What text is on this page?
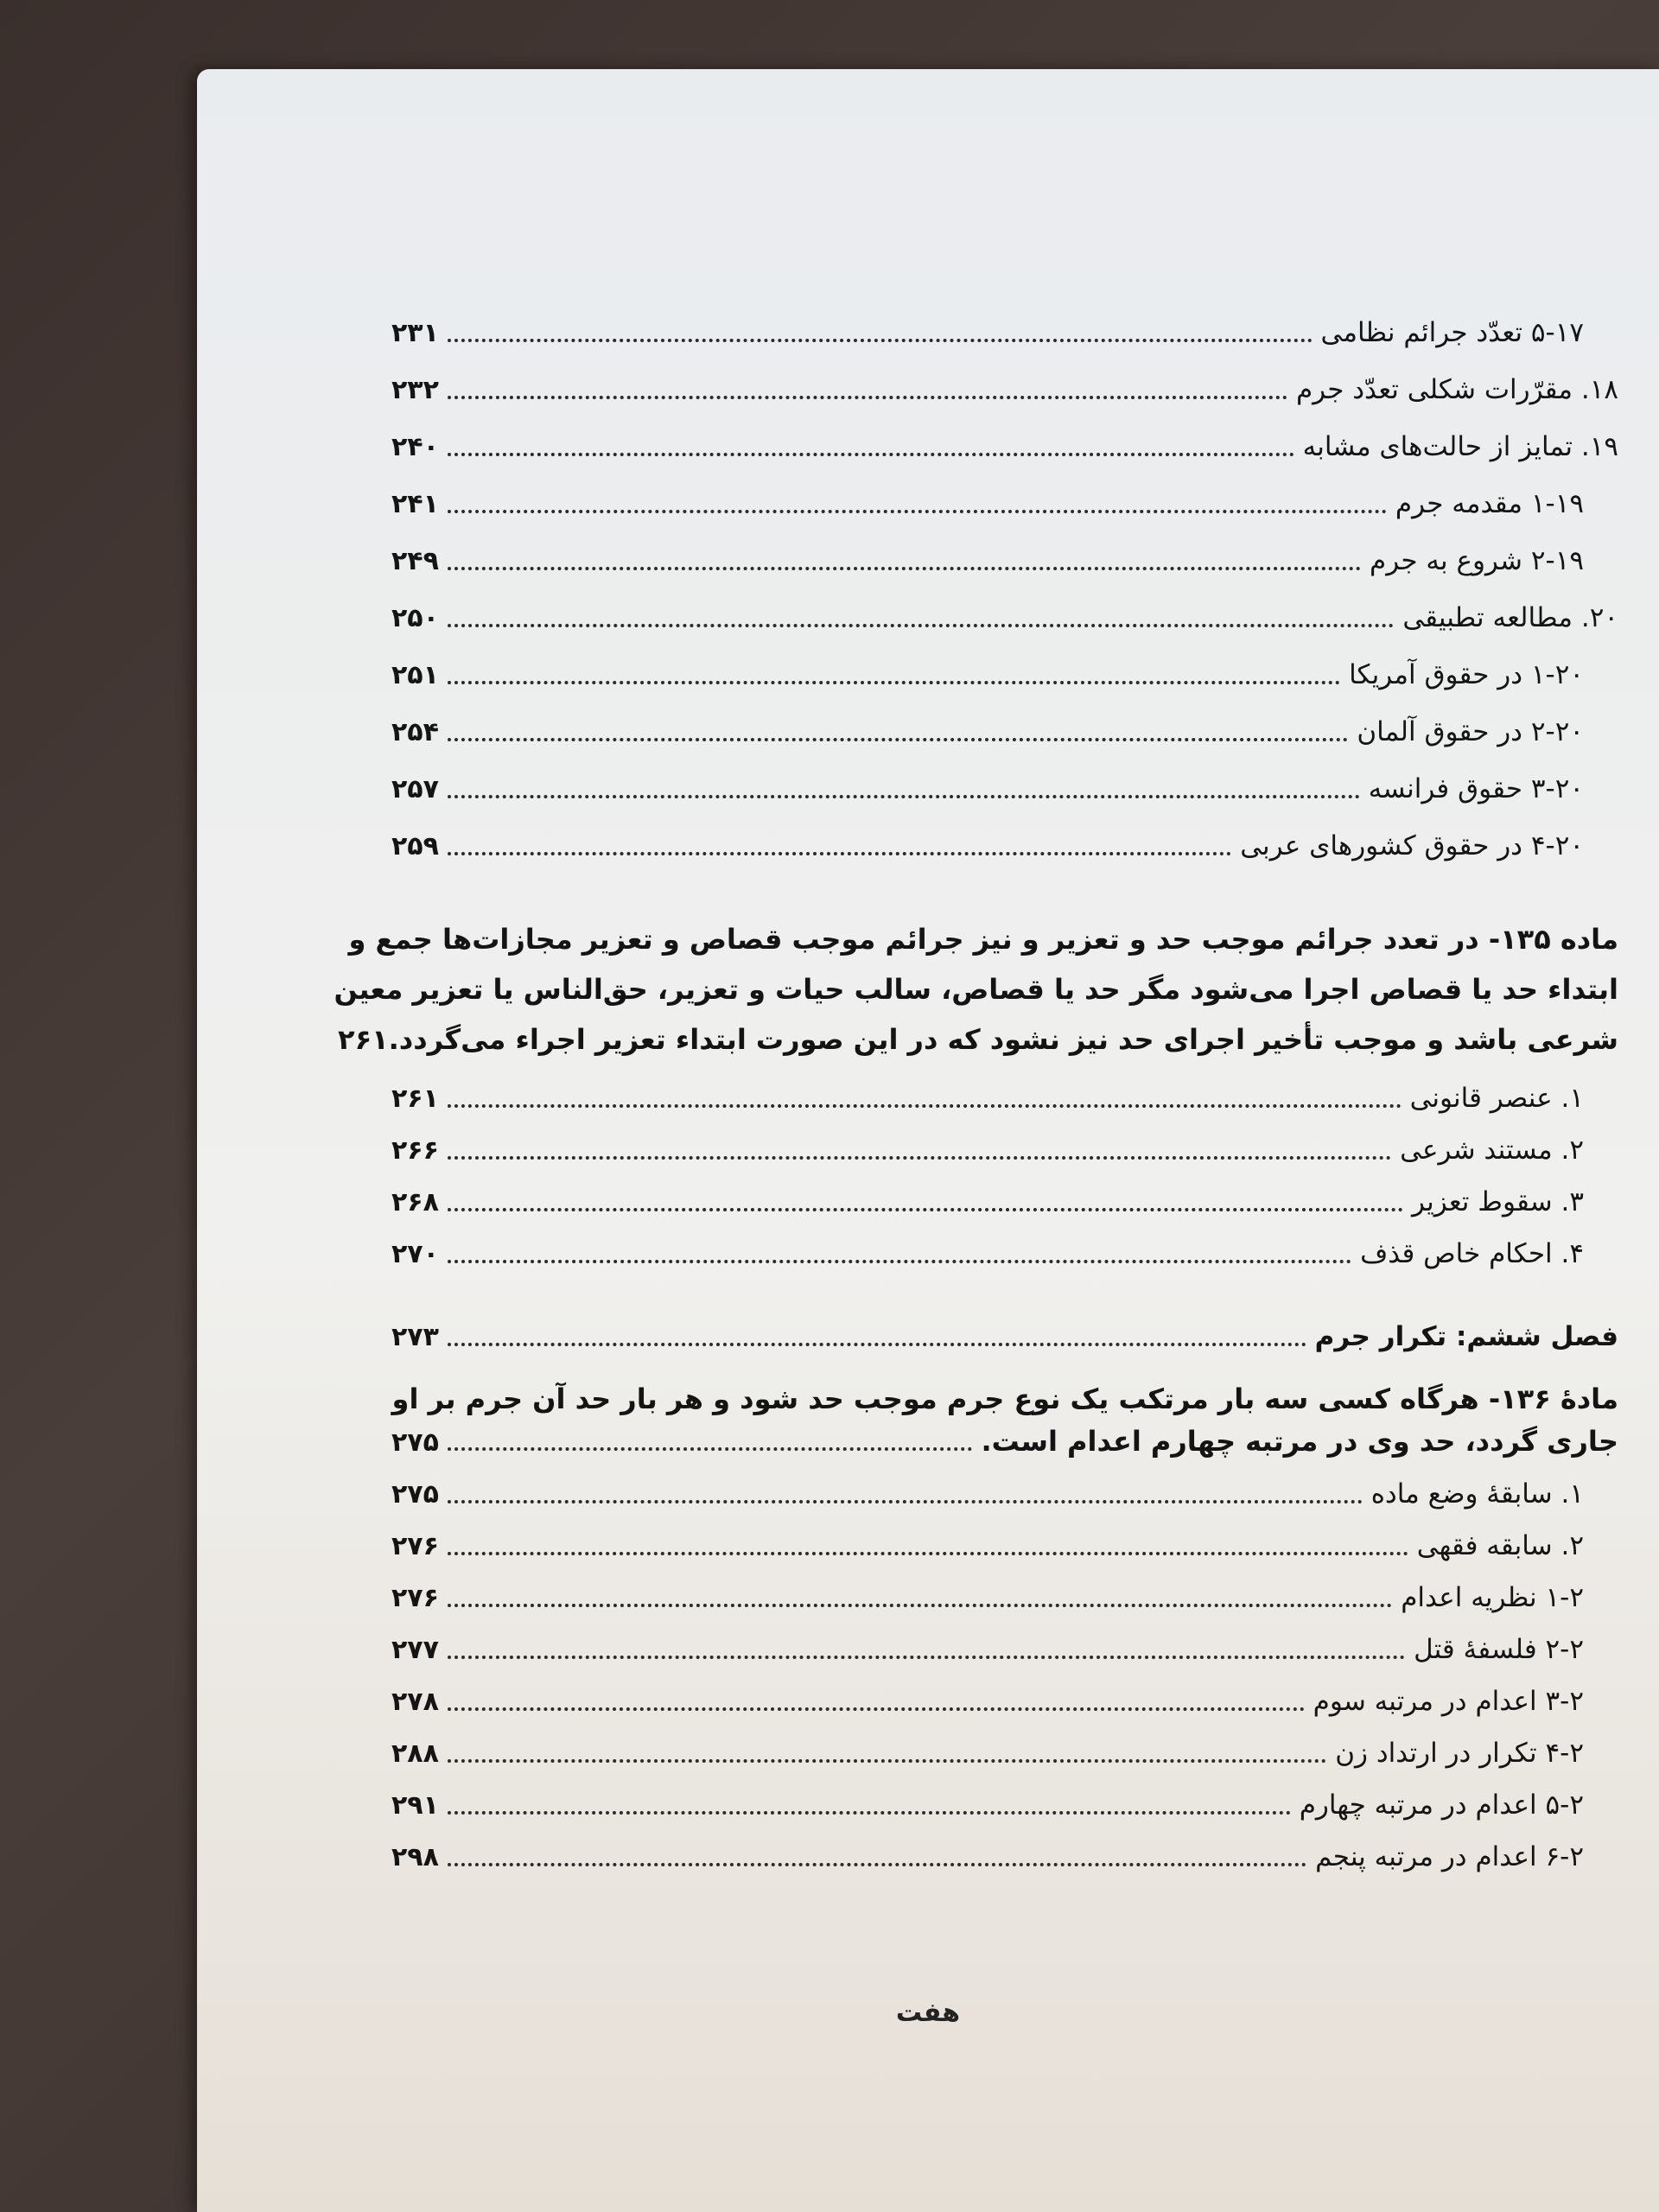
۵-۱۷ تعدّد جرائم نظامی
۲۳۱
۱۸. مقرّرات شکلی تعدّد جرم
۲۳۲
۱۹. تمایز از حالت‌های مشابه
۲۴۰
۱-۱۹ مقدمه جرم
۲۴۱
۲-۱۹ شروع به جرم
۲۴۹
۲۰. مطالعه تطبیقی
۲۵۰
۱-۲۰ در حقوق آمریکا
۲۵۱
۲-۲۰ در حقوق آلمان
۲۵۴
۳-۲۰ حقوق فرانسه
۲۵۷
۴-۲۰ در حقوق کشورهای عربی
۲۵۹
ماده ۱۳۵- در تعدد جرائم موجب حد و تعزیر و نیز جرائم موجب قصاص و تعزیر مجازات‌ها جمع و
ابتداء حد یا قصاص اجرا می‌شود مگر حد یا قصاص، سالب حیات و تعزیر، حق‌الناس یا تعزیر معین
شرعی باشد و موجب تأخیر اجرای حد نیز نشود که در این صورت ابتداء تعزیر اجراء می‌گردد.۲۶۱
۱. عنصر قانونی
۲۶۱
۲. مستند شرعی
۲۶۶
۳. سقوط تعزیر
۲۶۸
۴. احکام خاص قذف
۲۷۰
فصل ششم: تکرار جرم
۲۷۳
مادۀ ۱۳۶- هرگاه کسی سه بار مرتکب یک نوع جرم موجب حد شود و هر بار حد آن جرم بر او
جاری گردد، حد وی در مرتبه چهارم اعدام است.
۲۷۵
۱. سابقۀ وضع ماده
۲۷۵
۲. سابقه فقهی
۲۷۶
۱-۲ نظریه اعدام
۲۷۶
۲-۲ فلسفۀ قتل
۲۷۷
۳-۲ اعدام در مرتبه سوم
۲۷۸
۴-۲ تکرار در ارتداد زن
۲۸۸
۵-۲ اعدام در مرتبه چهارم
۲۹۱
۶-۲ اعدام در مرتبه پنجم
۲۹۸
هفت
